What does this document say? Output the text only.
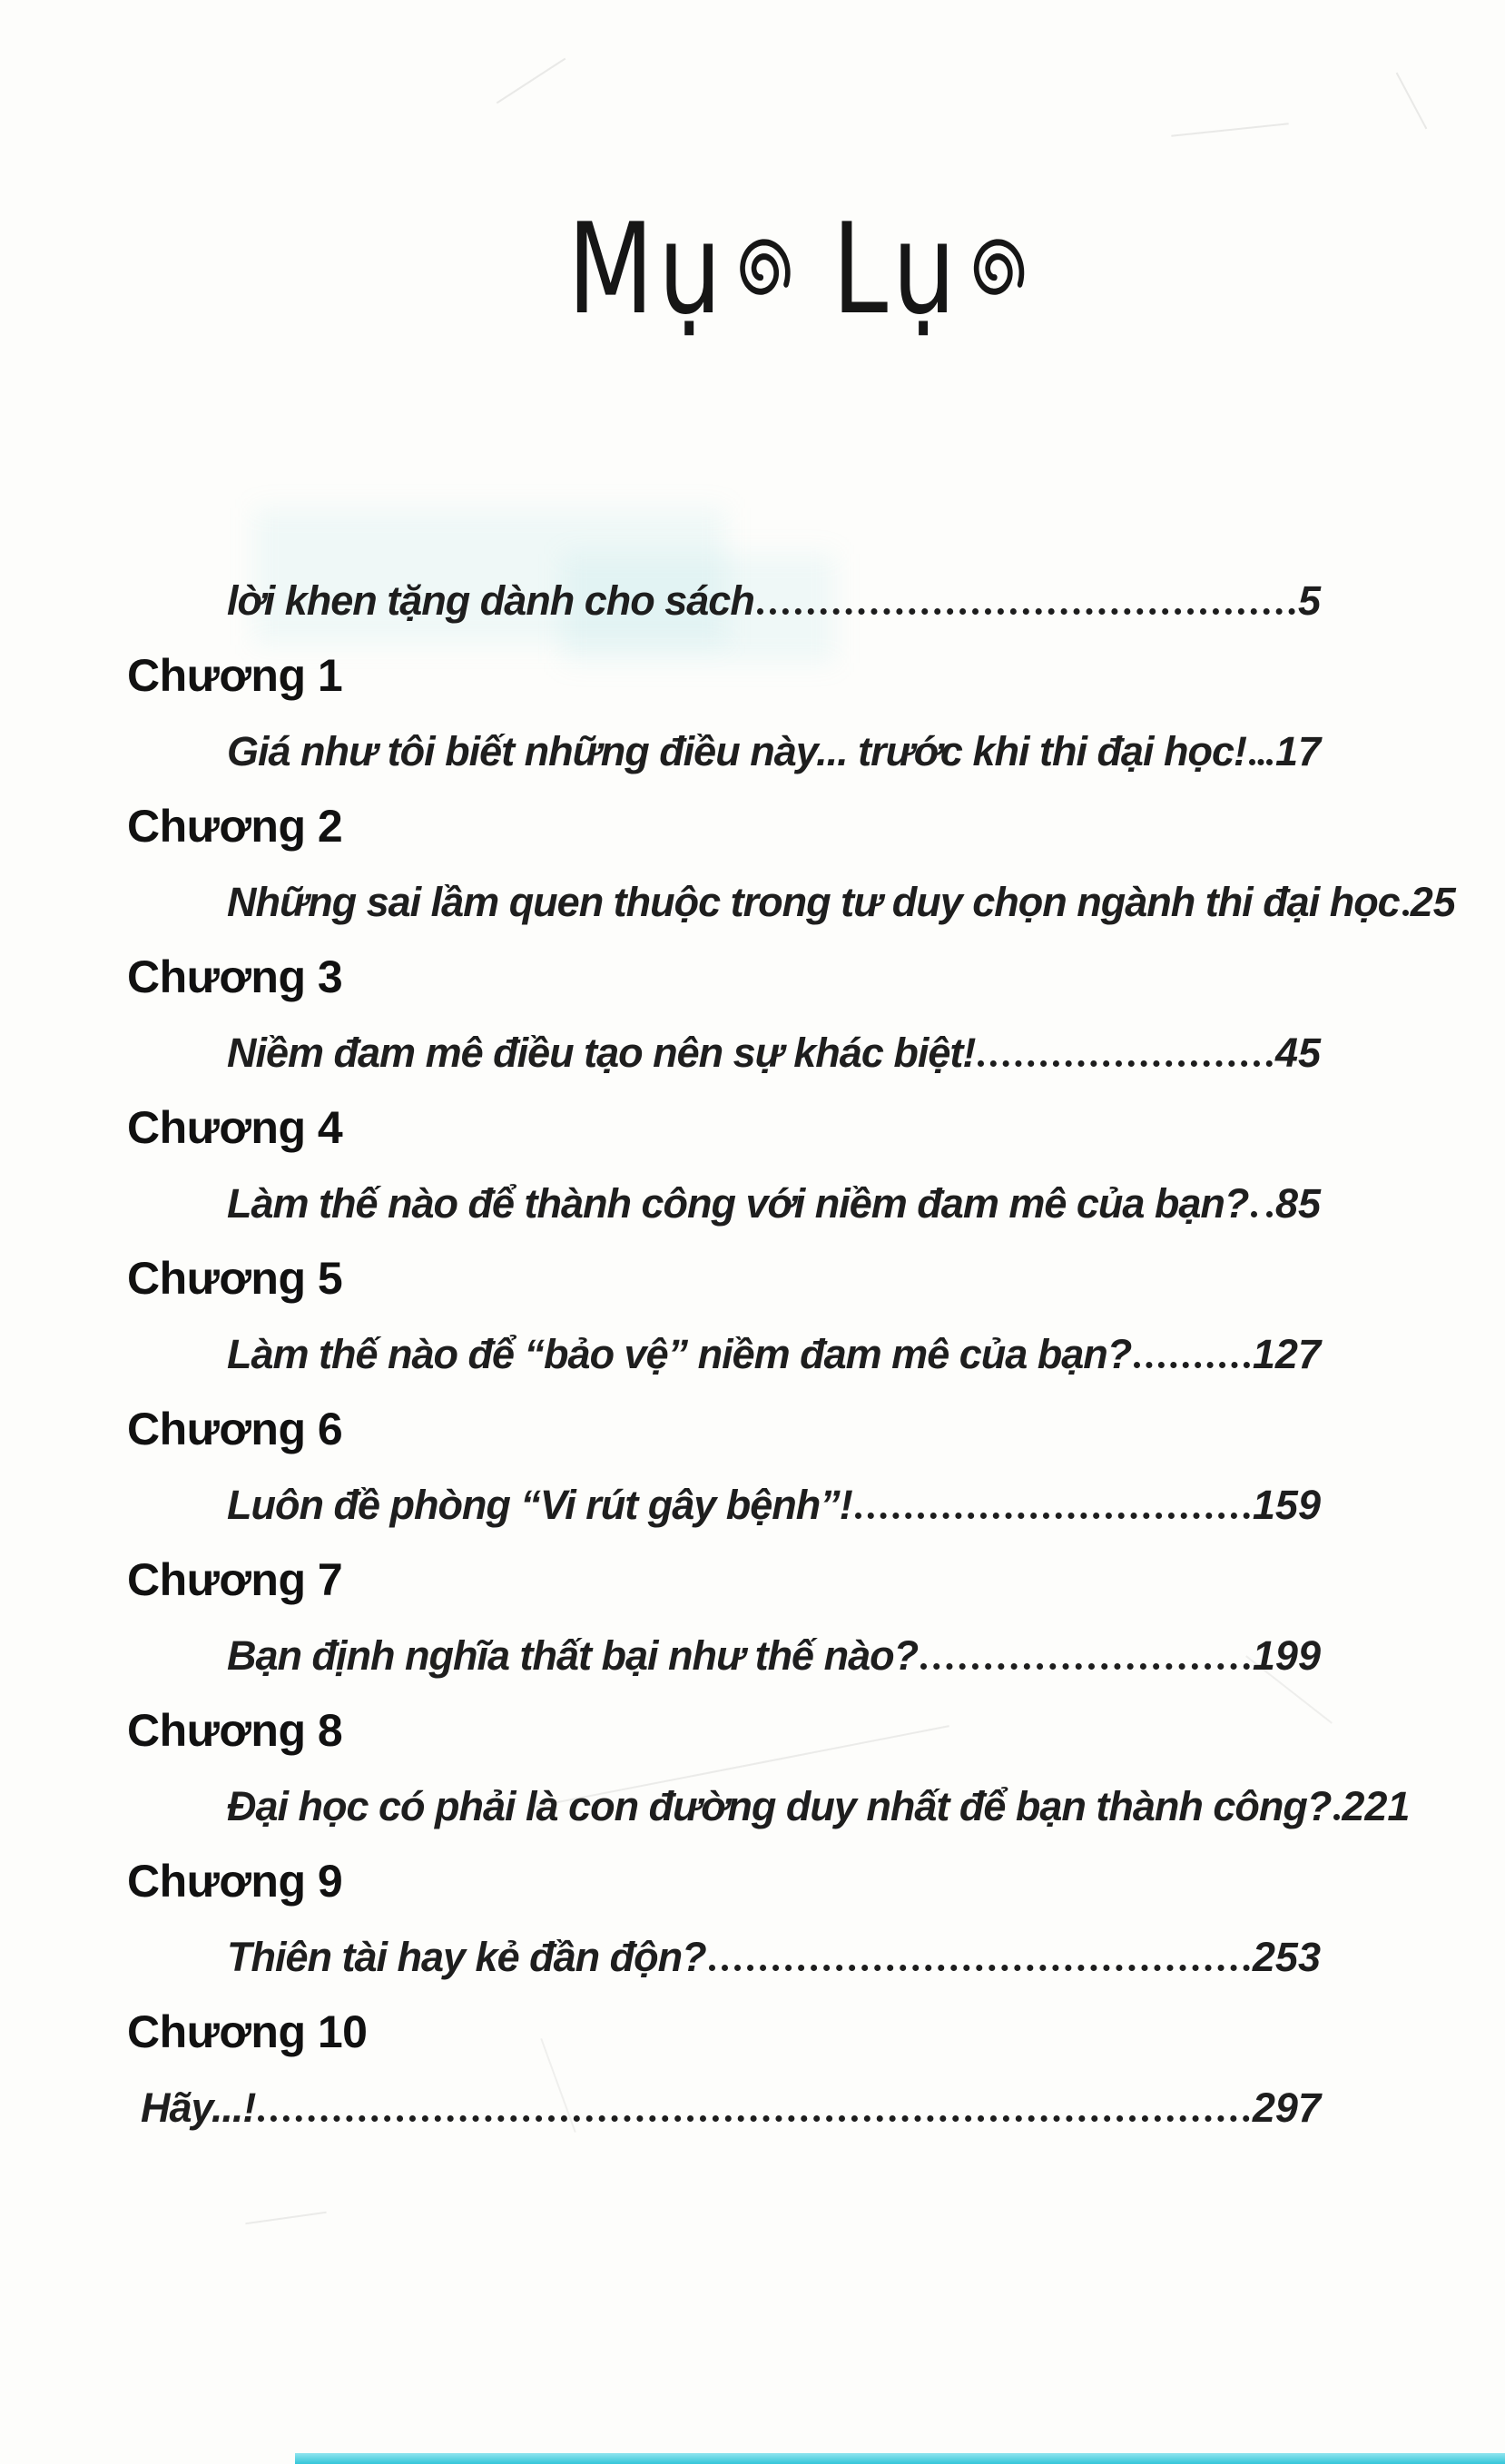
Mụ Lụ
lời khen tặng dành cho sách	5
Chương 1
Giá như tôi biết những điều này... trước khi thi đại học! 17
Chương 2
Những sai lầm quen thuộc trong tư duy chọn ngành thi đại học 25
Chương 3
Niềm đam mê điều tạo nên sự khác biệt!	45
Chương 4
Làm thế nào để thành công với niềm đam mê của bạn? 85
Chương 5
Làm thế nào để “bảo vệ” niềm đam mê của bạn?	127
Chương 6
Luôn đề phòng “Vi rút gây bệnh”!	159
Chương 7
Bạn định nghĩa thất bại như thế nào?	199
Chương 8
Đại học có phải là con đường duy nhất để bạn thành công? 221
Chương 9
Thiên tài hay kẻ đần độn?	253
Chương 10
Hãy...!	297
